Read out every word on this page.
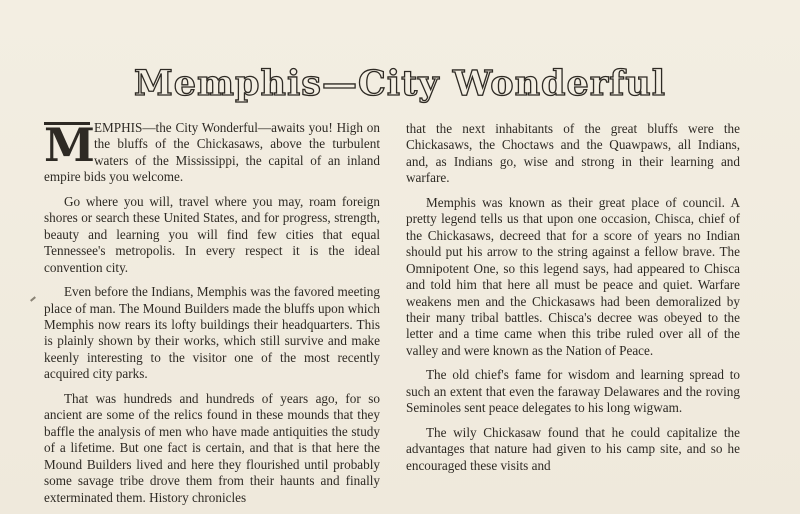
Memphis—City Wonderful

M EMPHIS—the City Wonderful—awaits you! High on the bluffs of the Chickasaws, above the turbulent waters of the Mississippi, the capital of an inland empire bids you welcome.

Go where you will, travel where you may, roam foreign shores or search these United States, and for progress, strength, beauty and learning you will find few cities that equal Tennessee's metropolis. In every respect it is the ideal convention city.

Even before the Indians, Memphis was the favored meeting place of man. The Mound Builders made the bluffs upon which Memphis now rears its lofty buildings their headquarters. This is plainly shown by their works, which still survive and make keenly interesting to the visitor one of the most recently acquired city parks.

That was hundreds and hundreds of years ago, for so ancient are some of the relics found in these mounds that they baffle the analysis of men who have made antiquities the study of a lifetime. But one fact is certain, and that is that here the Mound Builders lived and here they flourished until probably some savage tribe drove them from their haunts and finally exterminated them. History chronicles

that the next inhabitants of the great bluffs were the Chickasaws, the Choctaws and the Quawpaws, all Indians, and, as Indians go, wise and strong in their learning and warfare.

Memphis was known as their great place of council. A pretty legend tells us that upon one occasion, Chisca, chief of the Chickasaws, decreed that for a score of years no Indian should put his arrow to the string against a fellow brave. The Omnipotent One, so this legend says, had appeared to Chisca and told him that here all must be peace and quiet. Warfare weakens men and the Chickasaws had been demoralized by their many tribal battles. Chisca's decree was obeyed to the letter and a time came when this tribe ruled over all of the valley and were known as the Nation of Peace.

The old chief's fame for wisdom and learning spread to such an extent that even the faraway Delawares and the roving Seminoles sent peace delegates to his long wigwam.

The wily Chickasaw found that he could capitalize the advantages that nature had given to his camp site, and so he encouraged these visits and
